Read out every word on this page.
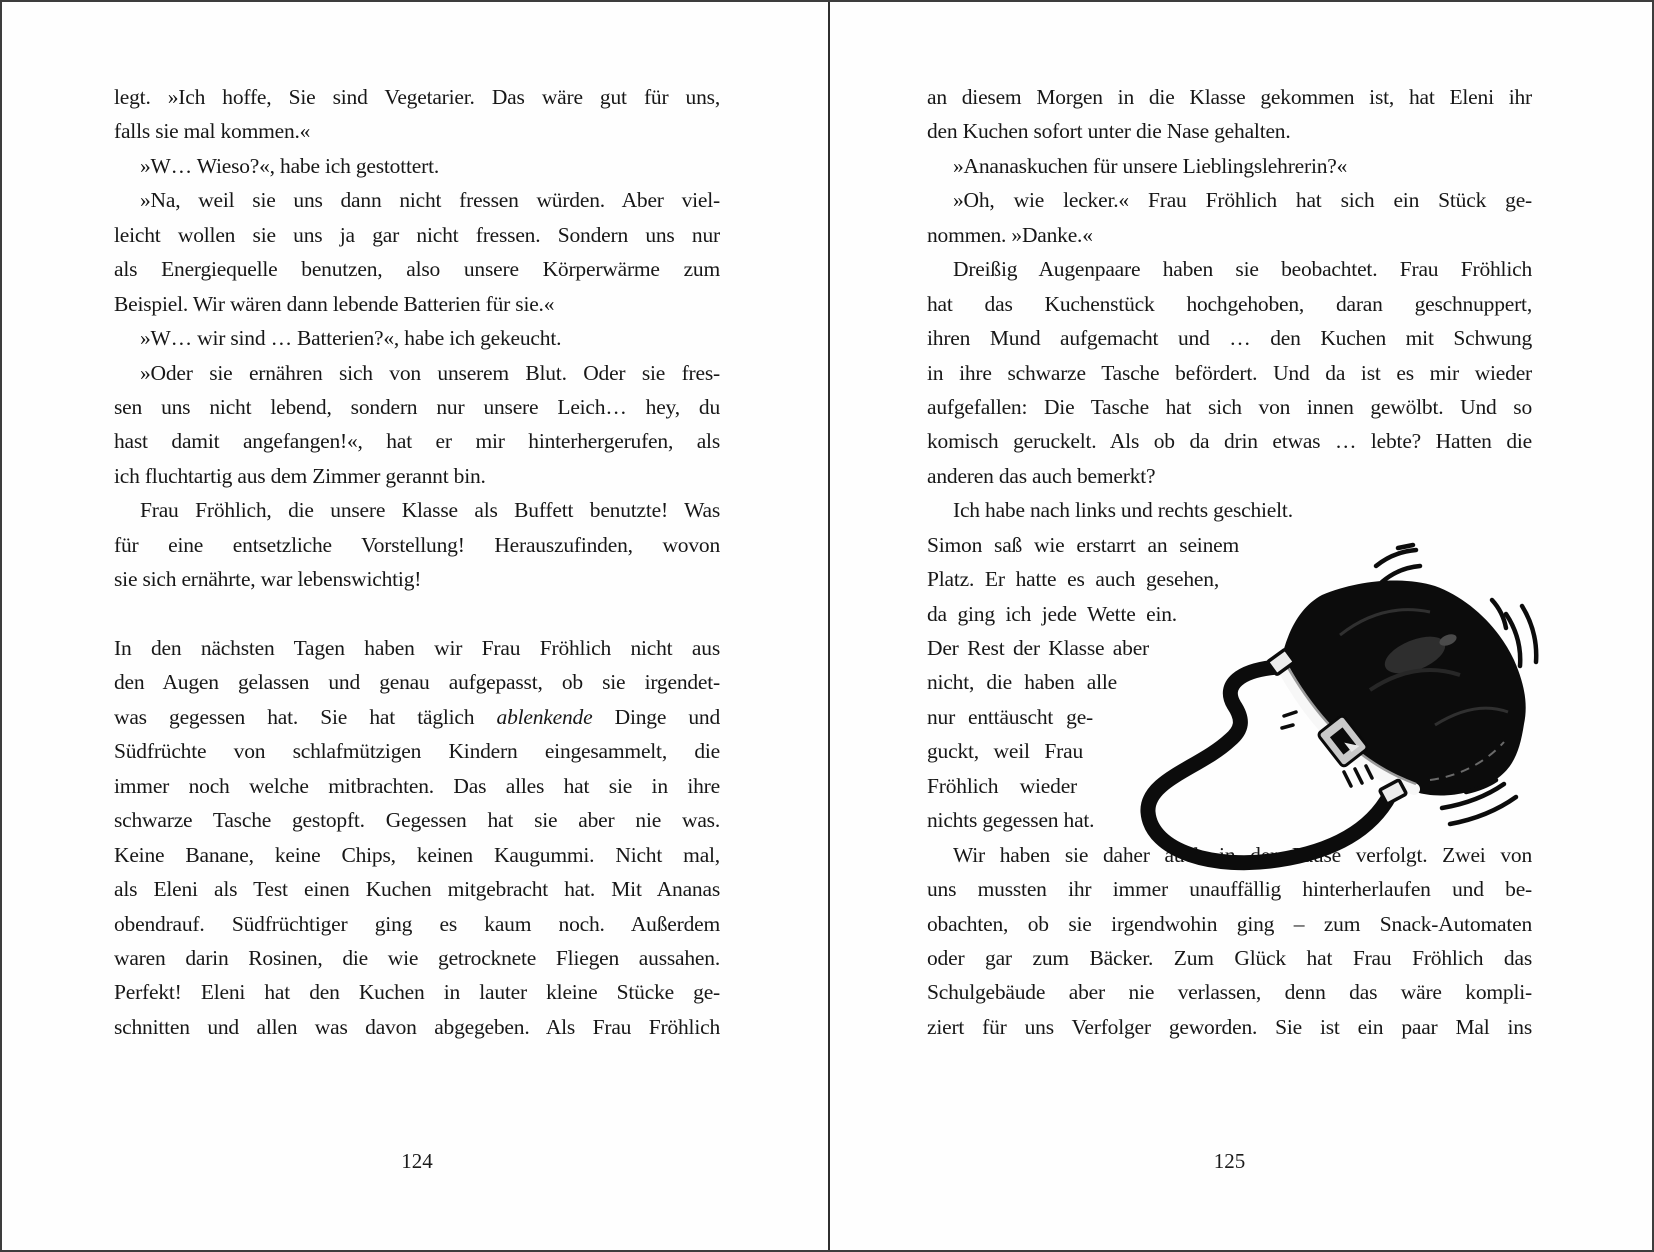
legt. »Ich hoffe, Sie sind Vegetarier. Das wäre gut für uns,
falls sie mal kommen.«
»W… Wieso?«, habe ich gestottert.
»Na, weil sie uns dann nicht fressen würden. Aber viel-
leicht wollen sie uns ja gar nicht fressen. Sondern uns nur
als Energiequelle benutzen, also unsere Körperwärme zum
Beispiel. Wir wären dann lebende Batterien für sie.«
»W… wir sind … Batterien?«, habe ich gekeucht.
»Oder sie ernähren sich von unserem Blut. Oder sie fres-
sen uns nicht lebend, sondern nur unsere Leich… hey, du
hast damit angefangen!«, hat er mir hinterhergerufen, als
ich fluchtartig aus dem Zimmer gerannt bin.
Frau Fröhlich, die unsere Klasse als Buffett benutzte! Was
für eine entsetzliche Vorstellung! Herauszufinden, wovon
sie sich ernährte, war lebenswichtig!
In den nächsten Tagen haben wir Frau Fröhlich nicht aus
den Augen gelassen und genau aufgepasst, ob sie irgendet-
was gegessen hat. Sie hat täglich ablenkende Dinge und
Südfrüchte von schlafmützigen Kindern eingesammelt, die
immer noch welche mitbrachten. Das alles hat sie in ihre
schwarze Tasche gestopft. Gegessen hat sie aber nie was.
Keine Banane, keine Chips, keinen Kaugummi. Nicht mal,
als Eleni als Test einen Kuchen mitgebracht hat. Mit Ananas
obendrauf. Südfrüchtiger ging es kaum noch. Außerdem
waren darin Rosinen, die wie getrocknete Fliegen aussahen.
Perfekt! Eleni hat den Kuchen in lauter kleine Stücke ge-
schnitten und allen was davon abgegeben. Als Frau Fröhlich
an diesem Morgen in die Klasse gekommen ist, hat Eleni ihr
den Kuchen sofort unter die Nase gehalten.
»Ananaskuchen für unsere Lieblingslehrerin?«
»Oh, wie lecker.« Frau Fröhlich hat sich ein Stück ge-
nommen. »Danke.«
Dreißig Augenpaare haben sie beobachtet. Frau Fröhlich
hat das Kuchenstück hochgehoben, daran geschnuppert,
ihren Mund aufgemacht und … den Kuchen mit Schwung
in ihre schwarze Tasche befördert. Und da ist es mir wieder
aufgefallen: Die Tasche hat sich von innen gewölbt. Und so
komisch geruckelt. Als ob da drin etwas … lebte? Hatten die
anderen das auch bemerkt?
Ich habe nach links und rechts geschielt.
Simon saß wie erstarrt an seinem
Platz. Er hatte es auch gesehen,
da ging ich jede Wette ein.
Der Rest der Klasse aber
nicht, die haben alle
nur enttäuscht ge-
guckt, weil Frau
Fröhlich wieder
nichts gegessen hat.
Wir haben sie daher auch in der Pause verfolgt. Zwei von
uns mussten ihr immer unauffällig hinterherlaufen und be-
obachten, ob sie irgendwohin ging – zum Snack-Automaten
oder gar zum Bäcker. Zum Glück hat Frau Fröhlich das
Schulgebäude aber nie verlassen, denn das wäre kompli-
ziert für uns Verfolger geworden. Sie ist ein paar Mal ins
124	125
